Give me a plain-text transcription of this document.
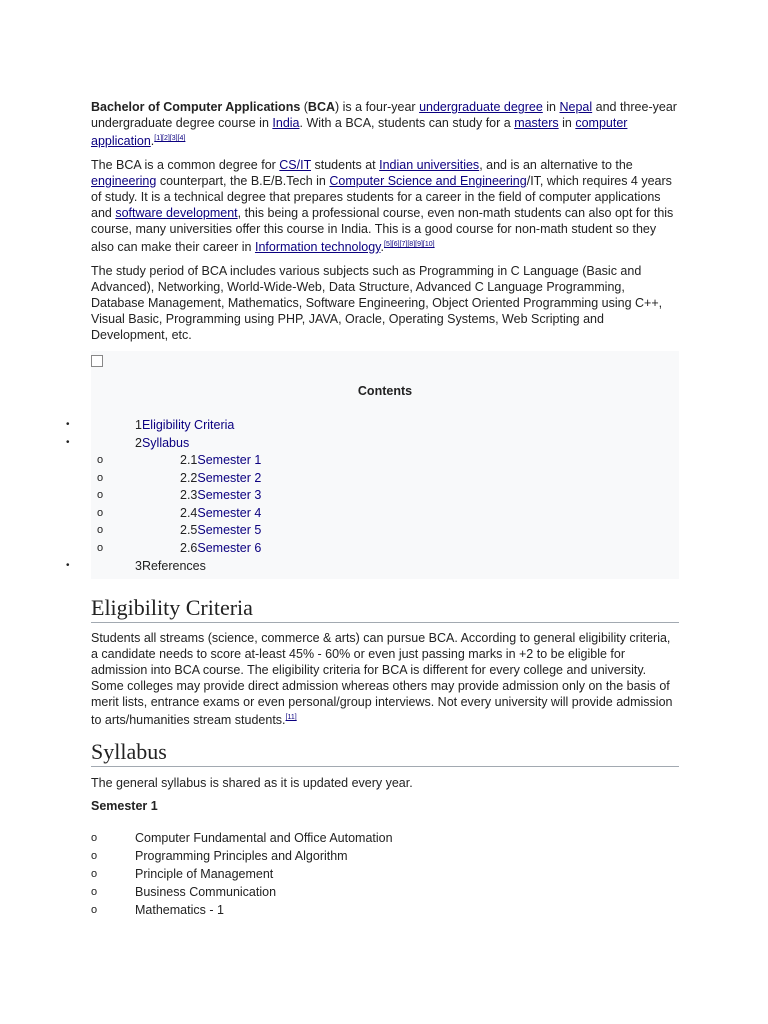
Bachelor of Computer Applications (BCA) is a four-year undergraduate degree in Nepal and three-year undergraduate degree course in India. With a BCA, students can study for a masters in computer application.[1][2][3][4]

The BCA is a common degree for CS/IT students at Indian universities, and is an alternative to the engineering counterpart, the B.E/B.Tech in Computer Science and Engineering/IT, which requires 4 years of study. It is a technical degree that prepares students for a career in the field of computer applications and software development, this being a professional course, even non-math students can also opt for this course, many universities offer this course in India. This is a good course for non-math student so they also can make their career in Information technology.[5][6][7][8][9][10]

The study period of BCA includes various subjects such as Programming in C Language (Basic and Advanced), Networking, World-Wide-Web, Data Structure, Advanced C Language Programming, Database Management, Mathematics, Software Engineering, Object Oriented Programming using C++, Visual Basic, Programming using PHP, JAVA, Oracle, Operating Systems, Web Scripting and Development, etc.

Contents
•	1Eligibility Criteria
•	2Syllabus
o	2.1Semester 1
o	2.2Semester 2
o	2.3Semester 3
o	2.4Semester 4
o	2.5Semester 5
o	2.6Semester 6
•	3References
Eligibility Criteria

Students all streams (science, commerce & arts) can pursue BCA. According to general eligibility criteria, a candidate needs to score at-least 45% - 60% or even just passing marks in +2 to be eligible for admission into BCA course. The eligibility criteria for BCA is different for every college and university. Some colleges may provide direct admission whereas others may provide admission only on the basis of merit lists, entrance exams or even personal/group interviews. Not every university will provide admission to arts/humanities stream students.[11]

Syllabus

The general syllabus is shared as it is updated every year.

Semester 1
o	Computer Fundamental and Office Automation
o	Programming Principles and Algorithm
o	Principle of Management
o	Business Communication
o	Mathematics - 1
